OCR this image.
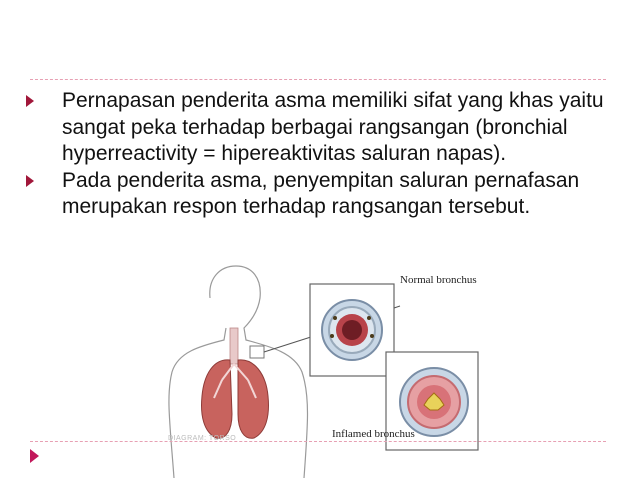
Pernapasan penderita asma memiliki sifat yang khas yaitu sangat peka terhadap berbagai rangsangan (bronchial hyperreactivity = hipereaktivitas saluran napas).
Pada penderita asma, penyempitan saluran pernafasan merupakan respon terhadap rangsangan tersebut.
Normal bronchus
Inflamed bronchus
DIAGRAM: TORSO
